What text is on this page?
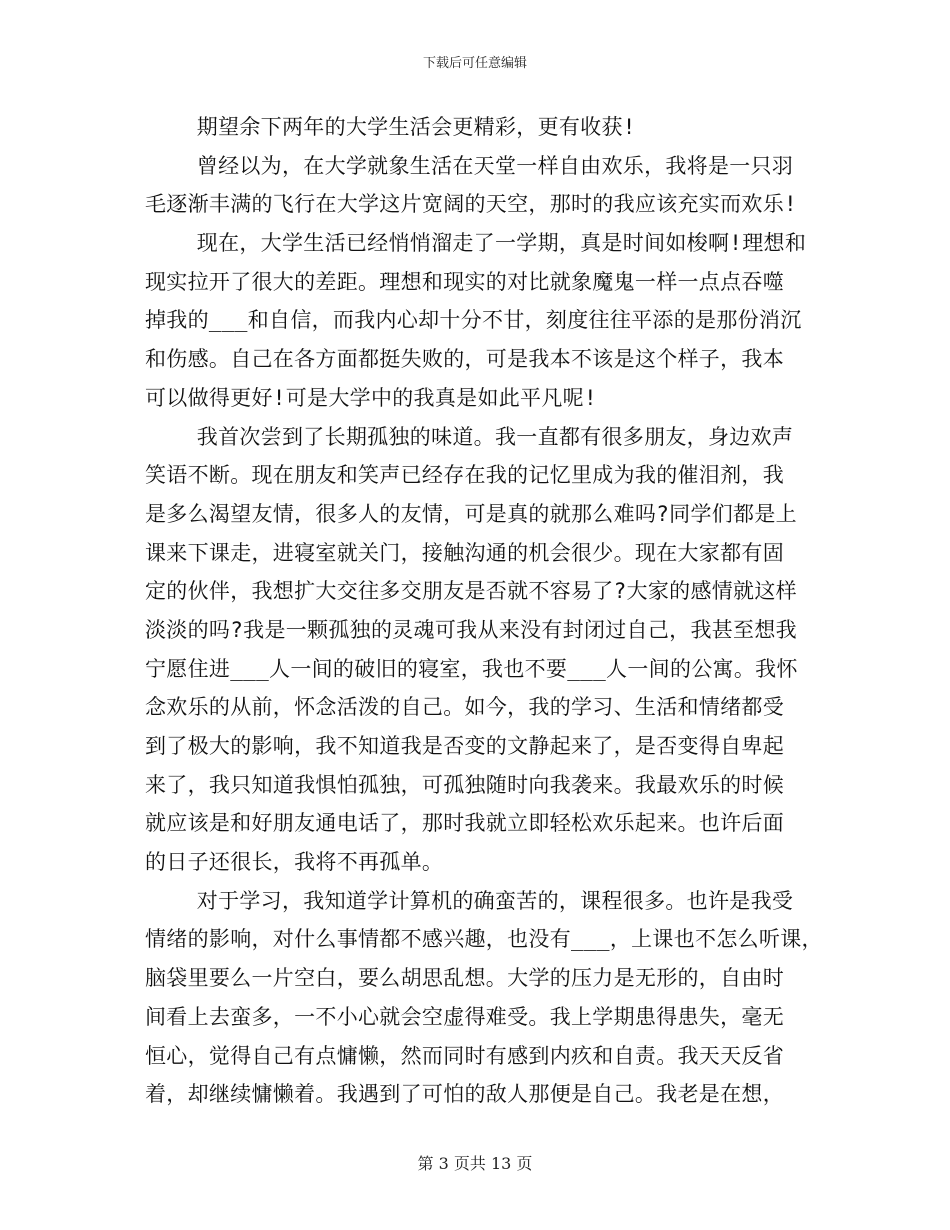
下载后可任意编辑
期望余下两年的大学生活会更精彩，更有收获!
曾经以为，在大学就象生活在天堂一样自由欢乐，我将是一只羽
毛逐渐丰满的飞行在大学这片宽阔的天空，那时的我应该充实而欢乐!
现在，大学生活已经悄悄溜走了一学期，真是时间如梭啊!理想和
现实拉开了很大的差距。理想和现实的对比就象魔鬼一样一点点吞噬
掉我的___和自信，而我内心却十分不甘，刻度往往平添的是那份消沉
和伤感。自己在各方面都挺失败的，可是我本不该是这个样子，我本
可以做得更好!可是大学中的我真是如此平凡呢!
我首次尝到了长期孤独的味道。我一直都有很多朋友，身边欢声
笑语不断。现在朋友和笑声已经存在我的记忆里成为我的催泪剂，我
是多么渴望友情，很多人的友情，可是真的就那么难吗?同学们都是上
课来下课走，进寝室就关门，接触沟通的机会很少。现在大家都有固
定的伙伴，我想扩大交往多交朋友是否就不容易了?大家的感情就这样
淡淡的吗?我是一颗孤独的灵魂可我从来没有封闭过自己，我甚至想我
宁愿住进___人一间的破旧的寝室，我也不要___人一间的公寓。我怀
念欢乐的从前，怀念活泼的自己。如今，我的学习、生活和情绪都受
到了极大的影响，我不知道我是否变的文静起来了，是否变得自卑起
来了，我只知道我惧怕孤独，可孤独随时向我袭来。我最欢乐的时候
就应该是和好朋友通电话了，那时我就立即轻松欢乐起来。也许后面
的日子还很长，我将不再孤单。
对于学习，我知道学计算机的确蛮苦的，课程很多。也许是我受
情绪的影响，对什么事情都不感兴趣，也没有___，上课也不怎么听课，
脑袋里要么一片空白，要么胡思乱想。大学的压力是无形的，自由时
间看上去蛮多，一不小心就会空虚得难受。我上学期患得患失，毫无
恒心，觉得自己有点慵懒，然而同时有感到内疚和自责。我天天反省
着，却继续慵懒着。我遇到了可怕的敌人那便是自己。我老是在想，
第 3 页共 13 页
